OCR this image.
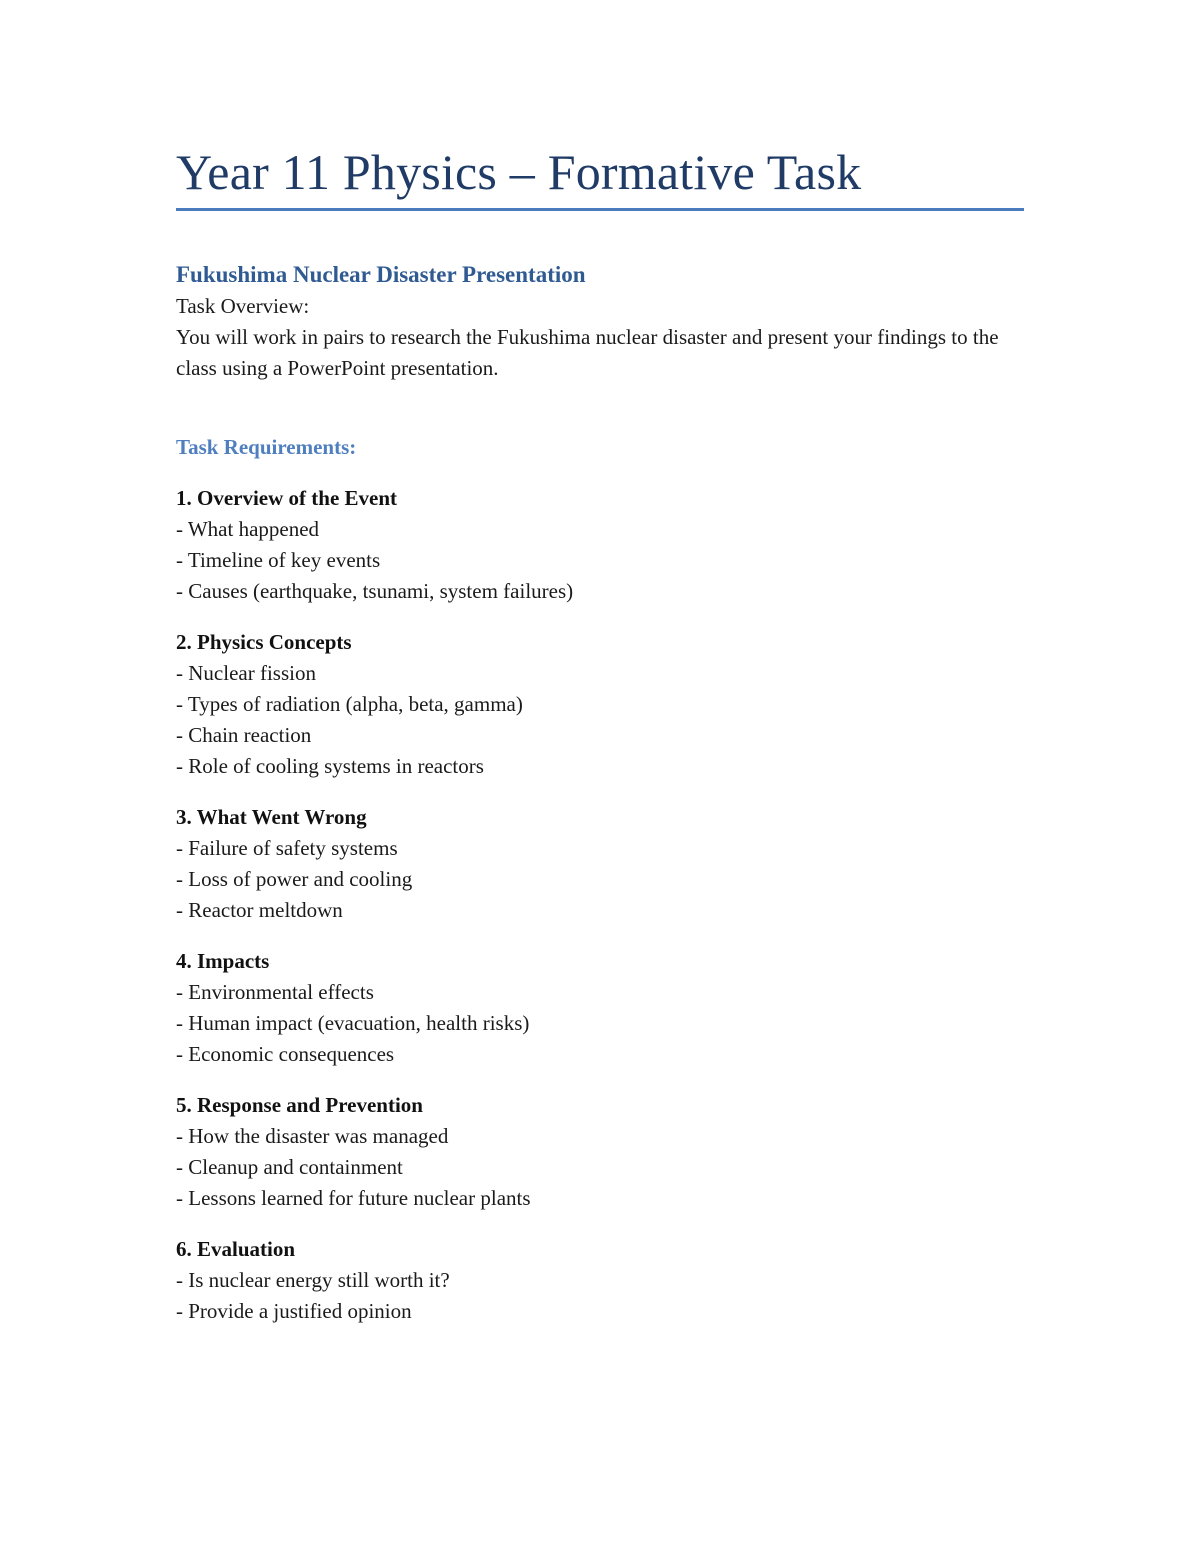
Year 11 Physics – Formative Task
Fukushima Nuclear Disaster Presentation
Task Overview:
You will work in pairs to research the Fukushima nuclear disaster and present your findings to the class using a PowerPoint presentation.
Task Requirements:
1. Overview of the Event
- What happened
- Timeline of key events
- Causes (earthquake, tsunami, system failures)
2. Physics Concepts
- Nuclear fission
- Types of radiation (alpha, beta, gamma)
- Chain reaction
- Role of cooling systems in reactors
3. What Went Wrong
- Failure of safety systems
- Loss of power and cooling
- Reactor meltdown
4. Impacts
- Environmental effects
- Human impact (evacuation, health risks)
- Economic consequences
5. Response and Prevention
- How the disaster was managed
- Cleanup and containment
- Lessons learned for future nuclear plants
6. Evaluation
- Is nuclear energy still worth it?
- Provide a justified opinion
